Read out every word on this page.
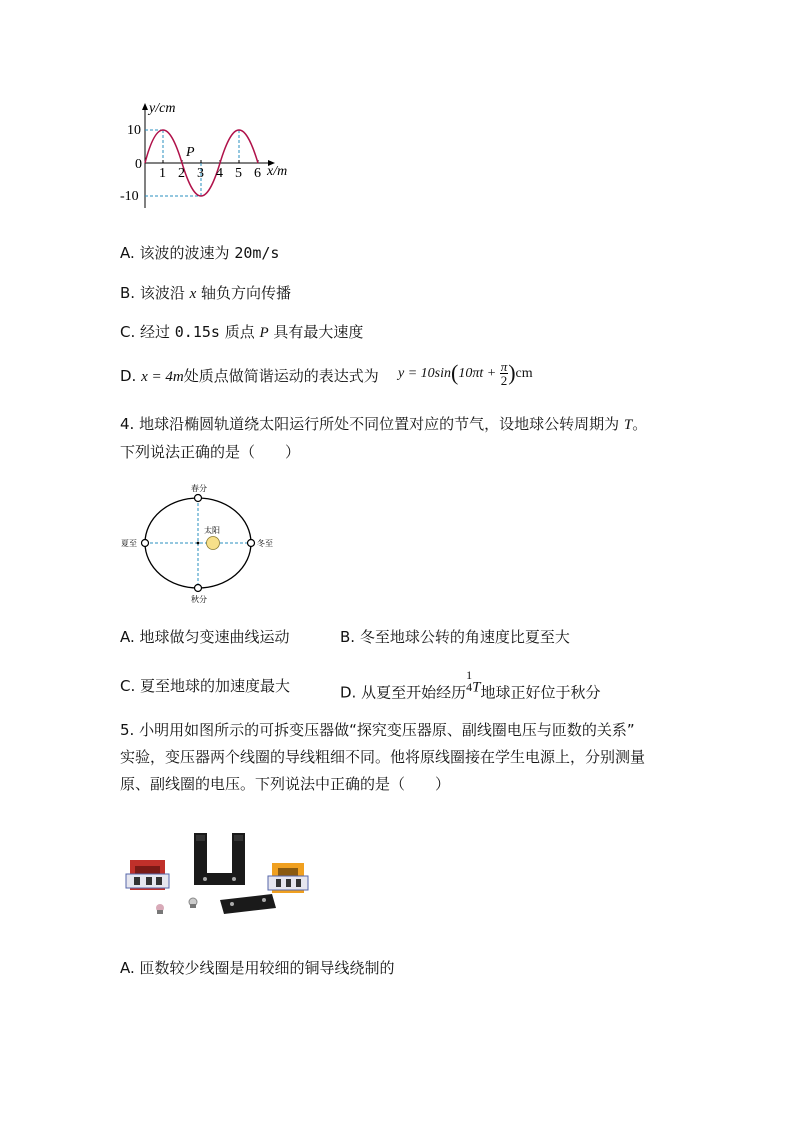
y/cm
10
0
-10
1 2 3 4 5 6 x/m
P
A. 该波的波速为 20m/s
B. 该波沿 x 轴负方向传播
C. 经过 0.15s 质点 P 具有最大速度
D. x = 4m处质点做简谐运动的表达式为 $y = 10\sin(10\pi t + \frac{\pi}{2} )cm$
4. 地球沿椭圆轨道绕太阳运行所处不同位置对应的节气，设地球公转周期为 T。
下列说法正确的是（　　）
春分
秋分
夏至	冬至
太阳
A. 地球做匀变速曲线运动	B. 冬至地球公转的角速度比夏至大
C. 夏至地球的加速度最大	D. 从夏至开始经历
1
4 T地球正好位于秋分
5. 小明用如图所示的可拆变压器做“探究变压器原、副线圈电压与匝数的关系”
实验，变压器两个线圈的导线粗细不同。他将原线圈接在学生电源上，分别测量
原、副线圈的电压。下列说法中正确的是（　　）
A. 匝数较少线圈是用较细的铜导线绕制的
